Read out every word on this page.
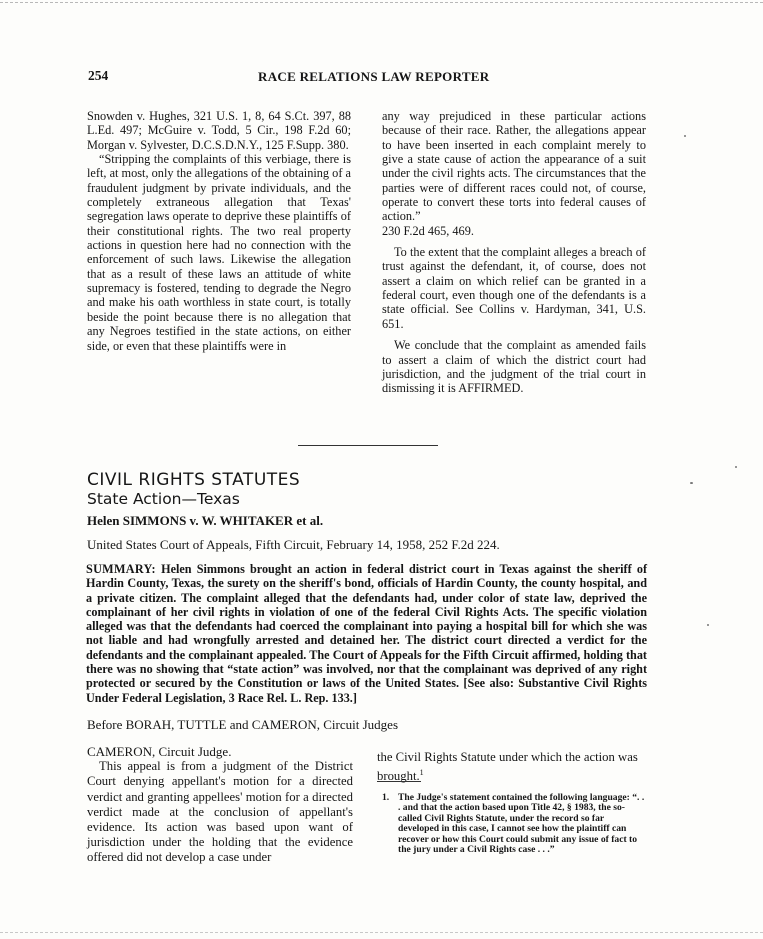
254	RACE RELATIONS LAW REPORTER

Snowden v. Hughes, 321 U.S. 1, 8, 64 S.Ct. 397, 88 L.Ed. 497; McGuire v. Todd, 5 Cir., 198 F.2d 60; Morgan v. Sylvester, D.C.S.D.N.Y., 125 F.Supp. 380.

“Stripping the complaints of this verbiage, there is left, at most, only the allegations of the obtaining of a fraudulent judgment by private individuals, and the completely extraneous allegation that Texas' segregation laws operate to deprive these plaintiffs of their constitutional rights. The two real property actions in question here had no connection with the enforcement of such laws. Likewise the allegation that as a result of these laws an attitude of white supremacy is fostered, tending to degrade the Negro and make his oath worthless in state court, is totally beside the point because there is no allegation that any Negroes testified in the state actions, on either side, or even that these plaintiffs were in

any way prejudiced in these particular actions because of their race. Rather, the allegations appear to have been inserted in each complaint merely to give a state cause of action the appearance of a suit under the civil rights acts. The circumstances that the parties were of different races could not, of course, operate to convert these torts into federal causes of action.”

230 F.2d 465, 469.

To the extent that the complaint alleges a breach of trust against the defendant, it, of course, does not assert a claim on which relief can be granted in a federal court, even though one of the defendants is a state official. See Collins v. Hardyman, 341, U.S. 651.

We conclude that the complaint as amended fails to assert a claim of which the district court had jurisdiction, and the judgment of the trial court in dismissing it is AFFIRMED.

CIVIL RIGHTS STATUTES
State Action—Texas
Helen SIMMONS v. W. WHITAKER et al.
United States Court of Appeals, Fifth Circuit, February 14, 1958, 252 F.2d 224.

SUMMARY: Helen Simmons brought an action in federal district court in Texas against the sheriff of Hardin County, Texas, the surety on the sheriff's bond, officials of Hardin County, the county hospital, and a private citizen. The complaint alleged that the defendants had, under color of state law, deprived the complainant of her civil rights in violation of one of the federal Civil Rights Acts. The specific violation alleged was that the defendants had coerced the complainant into paying a hospital bill for which she was not liable and had wrongfully arrested and detained her. The district court directed a verdict for the defendants and the complainant appealed. The Court of Appeals for the Fifth Circuit affirmed, holding that there was no showing that “state action” was involved, nor that the complainant was deprived of any right protected or secured by the Constitution or laws of the United States. [See also: Substantive Civil Rights Under Federal Legislation, 3 Race Rel. L. Rep. 133.]

Before BORAH, TUTTLE and CAMERON, Circuit Judges

CAMERON, Circuit Judge.

This appeal is from a judgment of the District Court denying appellant's motion for a directed verdict and granting appellees' motion for a directed verdict made at the conclusion of appellant's evidence. Its action was based upon want of jurisdiction under the holding that the evidence offered did not develop a case under

the Civil Rights Statute under which the action was brought.$^1$

1. The Judge's statement contained the following language: “. . . and that the action based upon Title 42, § 1983, the so-called Civil Rights Statute, under the record so far developed in this case, I cannot see how the plaintiff can recover or how this Court could submit any issue of fact to the jury under a Civil Rights case . . .”
